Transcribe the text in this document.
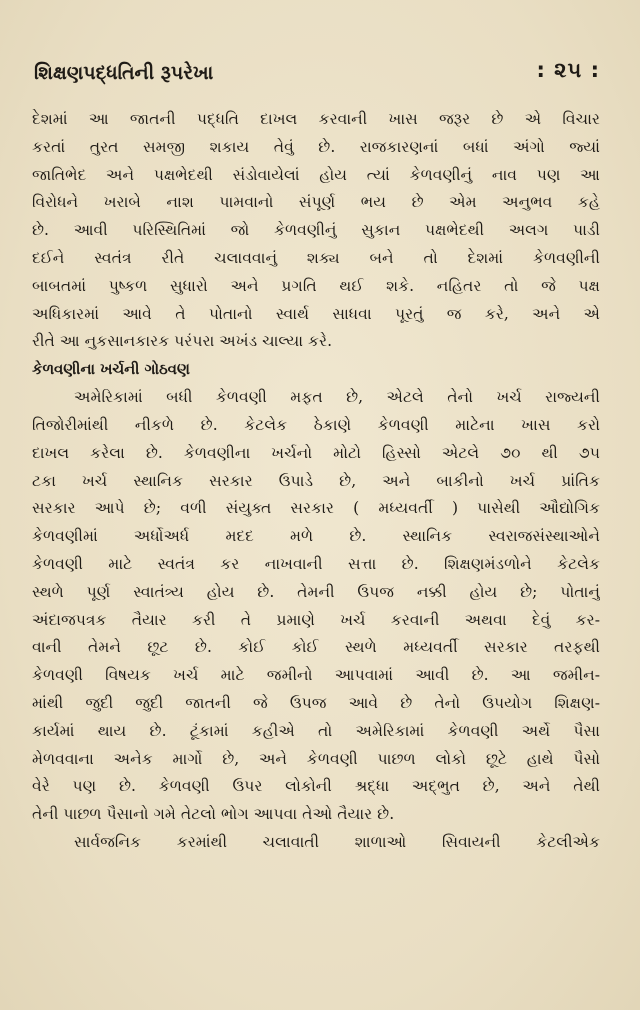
શિક્ષણપદ્ધતિની રૂપરેખા	: ૨૫ :
દેશમાં આ જાતની પદ્ધતિ દાખલ કરવાની ખાસ જરૂર છે એ વિચાર
કરતાં તુરત સમજી શકાય તેવું છે. રાજકારણનાં બધાં અંગો જ્યાં
જાતિભેદ અને પક્ષભેદથી સંડોવાયેલાં હોય ત્યાં કેળવણીનું નાવ પણ આ
વિરોધને ખરાબે નાશ પામવાનો સંપૂર્ણ ભય છે એમ અનુભવ કહે
છે. આવી પરિસ્થિતિમાં જો કેળવણીનું સુકાન પક્ષભેદથી અલગ પાડી
દઈને સ્વતંત્ર રીતે ચલાવવાનું શક્ય બને તો દેશમાં કેળવણીની
બાબતમાં પુષ્કળ સુધારો અને પ્રગતિ થઈ શકે. નહિતર તો જે પક્ષ
અધિકારમાં આવે તે પોતાનો સ્વાર્થ સાધવા પૂરતું જ કરે, અને એ
રીતે આ નુકસાનકારક પરંપરા અખંડ ચાલ્યા કરે.
કેળવણીના ખર્ચની ગોઠવણ
અમેરિકામાં બધી કેળવણી મફત છે, એટલે તેનો ખર્ચ રાજ્યની
તિજોરીમાંથી નીકળે છે. કેટલેક ઠેકાણે કેળવણી માટેના ખાસ કરો
દાખલ કરેલા છે. કેળવણીના ખર્ચનો મોટો હિસ્સો એટલે ૭૦ થી ૭૫
ટકા ખર્ચ સ્થાનિક સરકાર ઉપાડે છે, અને બાકીનો ખર્ચ પ્રાંતિક
સરકાર આપે છે; વળી સંયુક્ત સરકાર ( મધ્યવર્તી ) પાસેથી ઔદ્યોગિક
કેળવણીમાં અર્ધોઅર્ધ મદદ મળે છે. સ્થાનિક સ્વરાજસંસ્થાઓને
કેળવણી માટે સ્વતંત્ર કર નાખવાની સત્તા છે. શિક્ષણમંડળોને કેટલેક
સ્થળે પૂર્ણ સ્વાતંત્ર્ય હોય છે. તેમની ઉપજ નક્કી હોય છે; પોતાનું
અંદાજપત્રક તૈયાર કરી તે પ્રમાણે ખર્ચ કરવાની અથવા દેવું કર-
વાની તેમને છૂટ છે. કોઈ કોઈ સ્થળે મધ્યવર્તી સરકાર તરફથી
કેળવણી વિષયક ખર્ચ માટે જમીનો આપવામાં આવી છે. આ જમીન-
માંથી જુદી જુદી જાતની જે ઉપજ આવે છે તેનો ઉપયોગ શિક્ષણ-
કાર્યમાં થાય છે. ટૂંકામાં કહીએ તો અમેરિકામાં કેળવણી અર્થે પૈસા
મેળવવાના અનેક માર્ગો છે, અને કેળવણી પાછળ લોકો છૂટે હાથે પૈસો
વેરે પણ છે. કેળવણી ઉપર લોકોની શ્રદ્ધા અદ્ભુત છે, અને તેથી
તેની પાછળ પૈસાનો ગમે તેટલો ભોગ આપવા તેઓ તૈયાર છે.
સાર્વજનિક કરમાંથી ચલાવાતી શાળાઓ સિવાયની કેટલીએક
